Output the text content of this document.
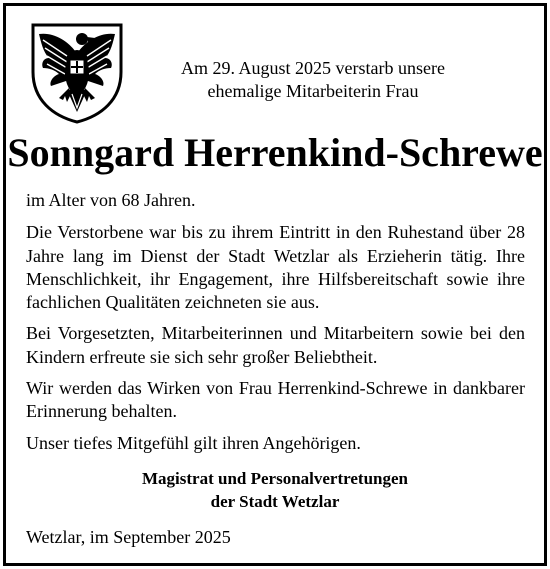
Am 29. August 2025 verstarb unsere
ehemalige Mitarbeiterin Frau
Sonngard Herrenkind-Schrewe

im Alter von 68 Jahren.

Die Verstorbene war bis zu ihrem Eintritt in den Ruhestand über 28 Jahre lang im Dienst der Stadt Wetzlar als Erzieherin tätig. Ihre Menschlichkeit, ihr Engagement, ihre Hilfsbereitschaft sowie ihre fachlichen Qualitäten zeichneten sie aus.

Bei Vorgesetzten, Mitarbeiterinnen und Mitarbeitern sowie bei den Kindern erfreute sie sich sehr großer Beliebtheit.

Wir werden das Wirken von Frau Herrenkind-Schrewe in dankbarer Erinnerung behalten.

Unser tiefes Mitgefühl gilt ihren Angehörigen.

Magistrat und Personalvertretungen
der Stadt Wetzlar
Wetzlar, im September 2025
